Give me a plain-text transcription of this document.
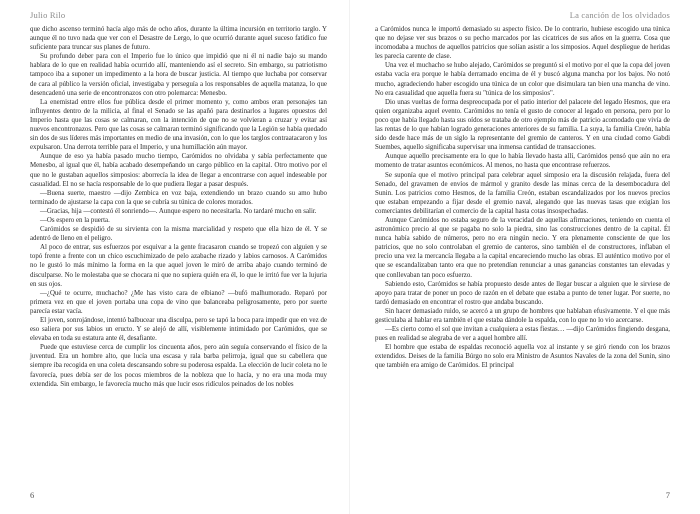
Julio Rilo

que dicho ascenso terminó hacía algo más de ocho años, durante la última incursión en territorio targlo. Y aunque él no tuvo nada que ver con el Desastre de Lergo, lo que ocurrió durante aquel suceso fatídico fue suficiente para truncar sus planes de futuro.

Su profundo deber para con el Imperio fue lo único que impidió que ni él ni nadie bajo su mando hablara de lo que en realidad había ocurrido allí, manteniendo así el secreto. Sin embargo, su patriotismo tampoco iba a suponer un impedimento a la hora de buscar justicia. Al tiempo que luchaba por conservar de cara al público la versión oficial, investigaba y perseguía a los responsables de aquella matanza, lo que desencadenó una serie de encontronazos con otro polemarca: Menesbo.

La enemistad entre ellos fue pública desde el primer momento y, como ambos eran personajes tan influyentes dentro de la milicia, al final el Senado se las apañó para destinarlos a lugares opuestos del Imperio hasta que las cosas se calmaran, con la intención de que no se volvieran a cruzar y evitar así nuevos encontronazos. Pero que las cosas se calmaran terminó significando que la Legión se había quedado sin dos de sus líderes más importantes en medio de una invasión, con lo que los targlos contraatacaron y los expulsaron. Una derrota terrible para el Imperio, y una humillación aún mayor.

Aunque de eso ya había pasado mucho tiempo, Carómidos no olvidaba y sabía perfectamente que Menesbo, al igual que él, había acabado desempeñando un cargo público en la capital. Otro motivo por el que no le gustaban aquellos simposios: aborrecía la idea de llegar a encontrarse con aquel indeseable por casualidad. El no se hacía responsable de lo que pudiera llegar a pasar después.

—Buena suerte, maestro —dijo Zembica en voz baja, extendiendo un brazo cuando su amo hubo terminado de ajustarse la capa con la que se cubría su túnica de colores morados.

—Gracias, hija —contestó él sonriendo—. Aunque espero no necesitarla. No tardaré mucho en salir.

—Os espero en la puerta.

Carómidos se despidió de su sirvienta con la misma marcialidad y respeto que ella hizo de él. Y se adentró de lleno en el peligro.

Al poco de entrar, sus esfuerzos por esquivar a la gente fracasaron cuando se tropezó con alguien y se topó frente a frente con un chico escuchimizado de pelo azabache rizado y labios carnosos. A Carómidos no le gustó lo más mínimo la forma en la que aquel joven le miró de arriba abajo cuando terminó de disculparse. No le molestaba que se chocara ni que no supiera quién era él, lo que le irritó fue ver la lujuria en sus ojos.

—¿Qué te ocurre, muchacho? ¿Me has visto cara de elbiano? —bufó malhumorado. Reparó por primera vez en que el joven portaba una copa de vino que balanceaba peligrosamente, pero por suerte parecía estar vacía.

El joven, sonrojándose, intentó balbucear una disculpa, pero se tapó la boca para impedir que en vez de eso saliera por sus labios un eructo. Y se alejó de allí, visiblemente intimidado por Carómidos, que se elevaba en toda su estatura ante él, desafiante.

Puede que estuviese cerca de cumplir los cincuenta años, pero aún seguía conservando el físico de la juventud. Era un hombre alto, que lucía una escasa y rala barba pelirroja, igual que su cabellera que siempre iba recogida en una coleta descansando sobre su poderosa espalda. La elección de lucir coleta no le favorecía, pues debía ser de los pocos miembros de la nobleza que lo hacía, y no era una moda muy extendida. Sin embargo, le favorecía mucho más que lucir esos ridículos peinados de los nobles

6
La canción de los olvidados

a Carómidos nunca le importó demasiado su aspecto físico. De lo contrario, hubiese escogido una túnica que no dejase ver sus brazos o su pecho marcados por las cicatrices de sus años en la guerra. Cosa que incomodaba a muchos de aquellos patricios que solían asistir a los simposios. Aquel despliegue de heridas les parecía carente de clase.

Una vez el muchacho se hubo alejado, Carómidos se preguntó si el motivo por el que la copa del joven estaba vacía era porque le había derramado encima de él y buscó alguna mancha por los bajos. No notó mucho, agradeciendo haber escogido una túnica de un color que disimulara tan bien una mancha de vino. No era casualidad que aquella fuera su "túnica de los simposios".

Dio unas vueltas de forma despreocupada por el patio interior del palacete del legado Hesmos, que era quien organizaba aquel evento. Carómidos no tenía el gusto de conocer al legado en persona, pero por lo poco que había llegado hasta sus oídos se trataba de otro ejemplo más de patricio acomodado que vivía de las rentas de lo que habían logrado generaciones anteriores de su familia. La suya, la familia Creón, había sido desde hace más de un siglo la representante del gremio de canteros. Y en una ciudad como Gabdi Suembes, aquello significaba supervisar una inmensa cantidad de transacciones.

Aunque aquello precisamente era lo que lo había llevado hasta allí, Carómidos pensó que aún no era momento de tratar asuntos económicos. Al menos, no hasta que encontrase refuerzos.

Se suponía que el motivo principal para celebrar aquel simposio era la discusión relajada, fuera del Senado, del gravamen de envíos de mármol y granito desde las minas cerca de la desembocadura del Sunin. Los patricios como Hesmos, de la familia Creón, estaban escandalizados por los nuevos precios que estaban empezando a fijar desde el gremio naval, alegando que las nuevas tasas que exigían los comerciantes debilitarían el comercio de la capital hasta cotas insospechadas.

Aunque Carómidos no estaba seguro de la veracidad de aquellas afirmaciones, teniendo en cuenta el astronómico precio al que se pagaba no solo la piedra, sino las construcciones dentro de la capital. Él nunca había sabido de números, pero no era ningún necio. Y era plenamente consciente de que los patricios, que no solo controlaban el gremio de canteros, sino también el de constructores, inflaban el precio una vez la mercancía llegaba a la capital encareciendo mucho las obras. El auténtico motivo por el que se escandalizaban tanto era que no pretendían renunciar a unas ganancias constantes tan elevadas y que conllevaban tan poco esfuerzo.

Sabiendo esto, Carómidos se había propuesto desde antes de llegar buscar a alguien que le sirviese de apoyo para tratar de poner un poco de razón en el debate que estaba a punto de tener lugar. Por suerte, no tardó demasiado en encontrar el rostro que andaba buscando.

Sin hacer demasiado ruido, se acercó a un grupo de hombres que hablaban efusivamente. Y el que más gesticulaba al hablar era también el que estaba dándole la espalda, con lo que no lo vio acercarse.

—Es cierto como el sol que invitan a cualquiera a estas fiestas… —dijo Carómidos fingiendo desgana, pues en realidad se alegraba de ver a aquel hombre allí.

El hombre que estaba de espaldas reconoció aquella voz al instante y se giró riendo con los brazos extendidos. Deises de la familia Búrgo no solo era Ministro de Asuntos Navales de la zona del Sunin, sino que también era amigo de Carómidos. El principal

7
